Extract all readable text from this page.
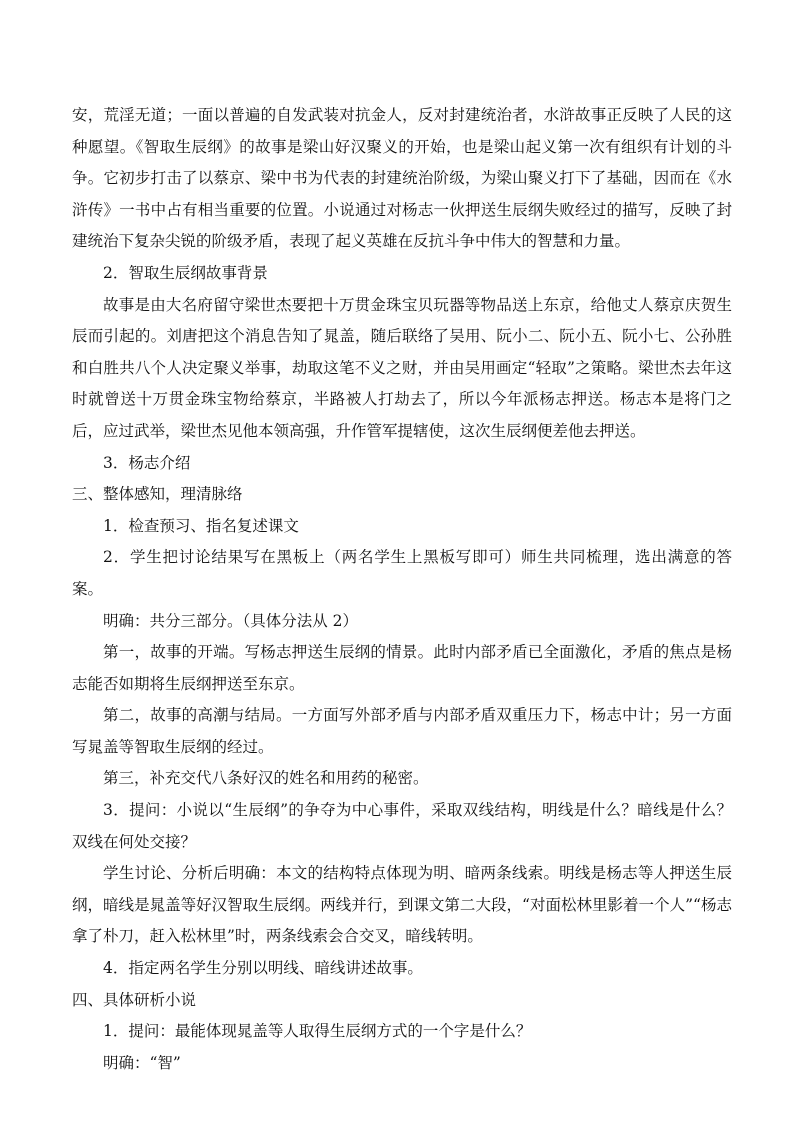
安，荒淫无道；一面以普遍的自发武装对抗金人，反对封建统治者，水浒故事正反映了人民的这种愿望。《智取生辰纲》的故事是梁山好汉聚义的开始，也是梁山起义第一次有组织有计划的斗争。它初步打击了以蔡京、梁中书为代表的封建统治阶级，为梁山聚义打下了基础，因而在《水浒传》一书中占有相当重要的位置。小说通过对杨志一伙押送生辰纲失败经过的描写，反映了封建统治下复杂尖锐的阶级矛盾，表现了起义英雄在反抗斗争中伟大的智慧和力量。

2．智取生辰纲故事背景

故事是由大名府留守梁世杰要把十万贯金珠宝贝玩器等物品送上东京，给他丈人蔡京庆贺生辰而引起的。刘唐把这个消息告知了晁盖，随后联络了吴用、阮小二、阮小五、阮小七、公孙胜和白胜共八个人决定聚义举事，劫取这笔不义之财，并由吴用画定“轻取”之策略。梁世杰去年这时就曾送十万贯金珠宝物给蔡京，半路被人打劫去了，所以今年派杨志押送。杨志本是将门之后，应过武举，梁世杰见他本领高强，升作管军提辖使，这次生辰纲便差他去押送。

3．杨志介绍

三、整体感知，理清脉络

1．检查预习、指名复述课文

2．学生把讨论结果写在黑板上（两名学生上黑板写即可）师生共同梳理，选出满意的答案。

明确：共分三部分。（具体分法从 2）

第一，故事的开端。写杨志押送生辰纲的情景。此时内部矛盾已全面激化，矛盾的焦点是杨志能否如期将生辰纲押送至东京。

第二，故事的高潮与结局。一方面写外部矛盾与内部矛盾双重压力下，杨志中计；另一方面写晁盖等智取生辰纲的经过。

第三，补充交代八条好汉的姓名和用药的秘密。

3．提问：小说以“生辰纲”的争夺为中心事件，采取双线结构，明线是什么？暗线是什么？双线在何处交接？

学生讨论、分析后明确：本文的结构特点体现为明、暗两条线索。明线是杨志等人押送生辰纲，暗线是晁盖等好汉智取生辰纲。两线并行，到课文第二大段，“对面松林里影着一个人”“杨志拿了朴刀，赶入松林里”时，两条线索会合交叉，暗线转明。

4．指定两名学生分别以明线、暗线讲述故事。

四、具体研析小说

1．提问：最能体现晁盖等人取得生辰纲方式的一个字是什么？

明确：“智”
